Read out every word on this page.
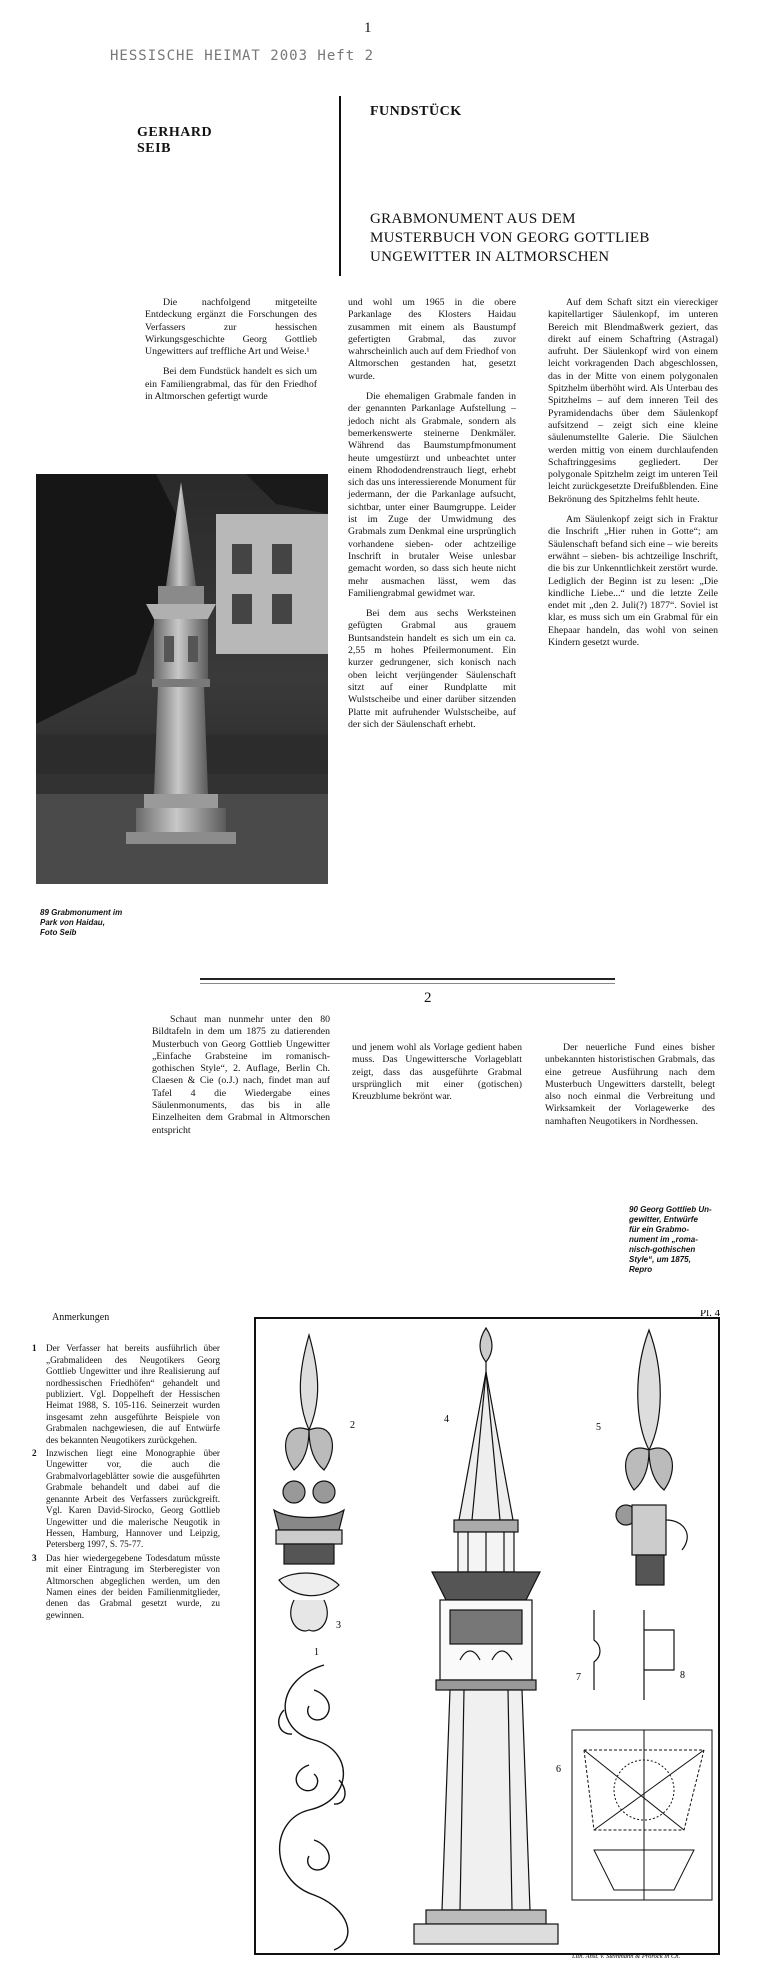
1
HESSISCHE HEIMAT 2003 Heft 2
GERHARD
SEIB
FUNDSTÜCK
GRABMONUMENT AUS DEM
MUSTERBUCH VON GEORG GOTTLIEB
UNGEWITTER IN ALTMORSCHEN

Die nachfolgend mitgeteilte Entdeckung ergänzt die Forschungen des Verfassers zur hessischen Wirkungsgeschichte Georg Gottlieb Ungewitters auf treffliche Art und Weise.¹

Bei dem Fundstück handelt es sich um ein Familiengrabmal, das für den Friedhof in Altmorschen gefertigt wurde

89 Grabmonument im
Park von Haidau,
Foto Seib

und wohl um 1965 in die obere Parkanlage des Klosters Haidau zusammen mit einem als Baustumpf gefertigten Grabmal, das zuvor wahrscheinlich auch auf dem Friedhof von Altmorschen gestanden hat, gesetzt wurde.

Die ehemaligen Grabmale fanden in der genannten Parkanlage Aufstellung – jedoch nicht als Grabmale, sondern als bemerkenswerte steinerne Denkmäler. Während das Baumstumpfmonument heute umgestürzt und unbeachtet unter einem Rhododendrenstrauch liegt, erhebt sich das uns interessierende Monument für jedermann, der die Parkanlage aufsucht, sichtbar, unter einer Baumgruppe. Leider ist im Zuge der Umwidmung des Grabmals zum Denkmal eine ursprünglich vorhandene sieben- oder achtzeilige Inschrift in brutaler Weise unlesbar gemacht worden, so dass sich heute nicht mehr ausmachen lässt, wem das Familiengrabmal gewidmet war.

Bei dem aus sechs Werksteinen gefügten Grabmal aus grauem Buntsandstein handelt es sich um ein ca. 2,55 m hohes Pfeilermonument. Ein kurzer gedrungener, sich konisch nach oben leicht verjüngender Säulenschaft sitzt auf einer Rundplatte mit Wulstscheibe und einer darüber sitzenden Platte mit aufruhender Wulstscheibe, auf der sich der Säulenschaft erhebt.

Auf dem Schaft sitzt ein viereckiger kapitellartiger Säulenkopf, im unteren Bereich mit Blendmaßwerk geziert, das direkt auf einem Schaftring (Astragal) aufruht. Der Säulenkopf wird von einem leicht vorkragenden Dach abgeschlossen, das in der Mitte von einem polygonalen Spitzhelm überhöht wird. Als Unterbau des Spitzhelms – auf dem inneren Teil des Pyramidendachs über dem Säulenkopf aufsitzend – zeigt sich eine kleine säulenumstellte Galerie. Die Säulchen werden mittig von einem durchlaufenden Schaftringgesims gegliedert. Der polygonale Spitzhelm zeigt im unteren Teil leicht zurückgesetzte Dreifußblenden. Eine Bekrönung des Spitzhelms fehlt heute.

Am Säulenkopf zeigt sich in Fraktur die Inschrift „Hier ruhen in Gotte“; am Säulenschaft befand sich eine – wie bereits erwähnt – sieben- bis achtzeilige Inschrift, die bis zur Unkenntlichkeit zerstört wurde. Lediglich der Beginn ist zu lesen: „Die kindliche Liebe...“ und die letzte Zeile endet mit „den 2. Juli(?) 1877“. Soviel ist klar, es muss sich um ein Grabmal für ein Ehepaar handeln, das wohl von seinen Kindern gesetzt wurde.

2

Schaut man nunmehr unter den 80 Bildtafeln in dem um 1875 zu datierenden Musterbuch von Georg Gottlieb Ungewitter „Einfache Grabsteine im romanisch-gothischen Style“, 2. Auflage, Berlin Ch. Claesen & Cie (o.J.) nach, findet man auf Tafel 4 die Wiedergabe eines Säulenmonuments, das bis in alle Einzelheiten dem Grabmal in Altmorschen entspricht

und jenem wohl als Vorlage gedient haben muss. Das Ungewittersche Vorlageblatt zeigt, dass das ausgeführte Grabmal ursprünglich mit einer (gotischen) Kreuzblume bekrönt war.

Der neuerliche Fund eines bisher unbekannten historistischen Grabmals, das eine getreue Ausführung nach dem Musterbuch Ungewitters darstellt, belegt also noch einmal die Verbreitung und Wirksamkeit der Vorlagewerke des namhaften Neugotikers in Nordhessen.

90 Georg Gottlieb Un-
gewitter, Entwürfe
für ein Grabmo-
nument im „roma-
nisch-gothischen
Style“, um 1875,
Repro
Anmerkungen
1 Der Verfasser hat bereits ausführlich über „Grabmalideen des Neugotikers Georg Gottlieb Ungewitter und ihre Realisierung auf nordhessischen Friedhöfen“ gehandelt und publiziert. Vgl. Doppelheft der Hessischen Heimat 1988, S. 105-116. Seinerzeit wurden insgesamt zehn ausgeführte Beispiele von Grabmalen nachgewiesen, die auf Entwürfe des bekannten Neugotikers zurückgehen.
2 Inzwischen liegt eine Monographie über Ungewitter vor, die auch die Grabmalvorlageblätter sowie die ausgeführten Grabmale behandelt und dabei auf die genannte Arbeit des Verfassers zurückgreift. Vgl. Karen David-Sirocko, Georg Gottlieb Ungewitter und die malerische Neugotik in Hessen, Hamburg, Hannover und Leipzig, Petersberg 1997, S. 75-77.
3 Das hier wiedergegebene Todesdatum müsste mit einer Eintragung im Sterberegister von Altmorschen abgeglichen werden, um den Namen eines der beiden Familienmitglieder, denen das Grabmal gesetzt wurde, zu gewinnen.
Pl. 4
2
3
1
4
5
7	8
6
Lith. Anst. v. Steinmann & Prorock in Ch.
